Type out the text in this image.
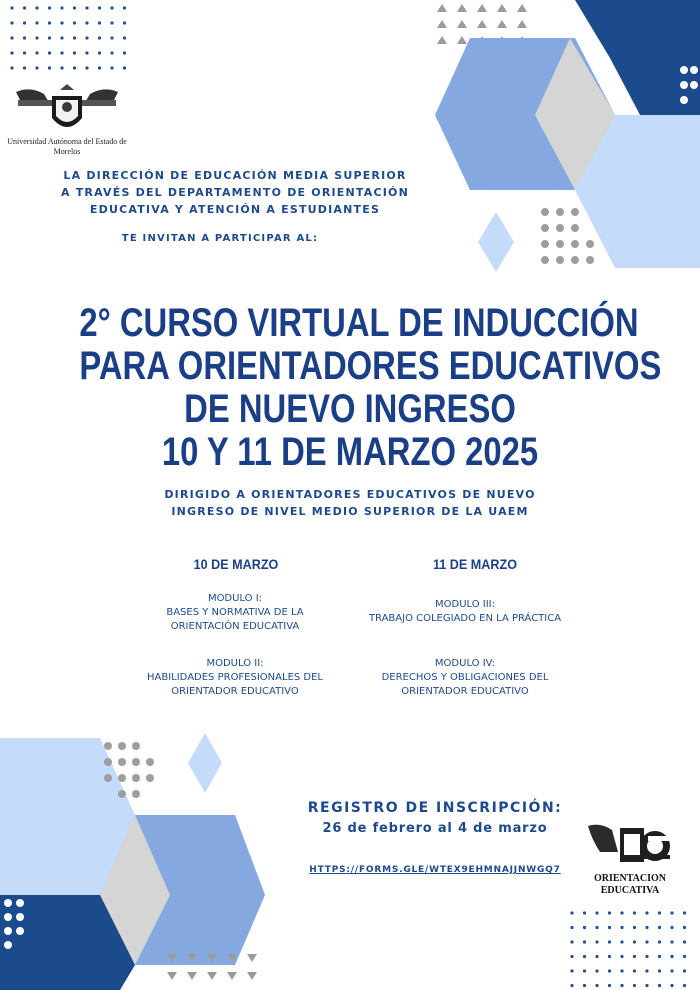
Universidad Autónoma del Estado de Morelos
ORIENTACION EDUCATIVA
LA DIRECCIÓN DE EDUCACIÓN MEDIA SUPERIOR
A TRAVÉS DEL DEPARTAMENTO DE ORIENTACIÓN
EDUCATIVA Y ATENCIÓN A ESTUDIANTES
TE INVITAN A PARTICIPAR AL:
2° CURSO VIRTUAL DE INDUCCIÓN
PARA ORIENTADORES EDUCATIVOS
DE NUEVO INGRESO
10 Y 11 DE MARZO 2025
DIRIGIDO A ORIENTADORES EDUCATIVOS DE NUEVO
INGRESO DE NIVEL MEDIO SUPERIOR DE LA UAEM
10 DE MARZO	11 DE MARZO
MODULO I:
BASES Y NORMATIVA DE LA
ORIENTACIÓN EDUCATIVA
MODULO II:
HABILIDADES PROFESIONALES DEL
ORIENTADOR EDUCATIVO
MODULO III:
TRABAJO COLEGIADO EN LA PRÁCTICA
MODULO IV:
DERECHOS Y OBLIGACIONES DEL
ORIENTADOR EDUCATIVO
REGISTRO DE INSCRIPCIÓN:
26 de febrero al 4 de marzo
HTTPS://FORMS.GLE/WTEX9EHMNAJJNWGQ7
